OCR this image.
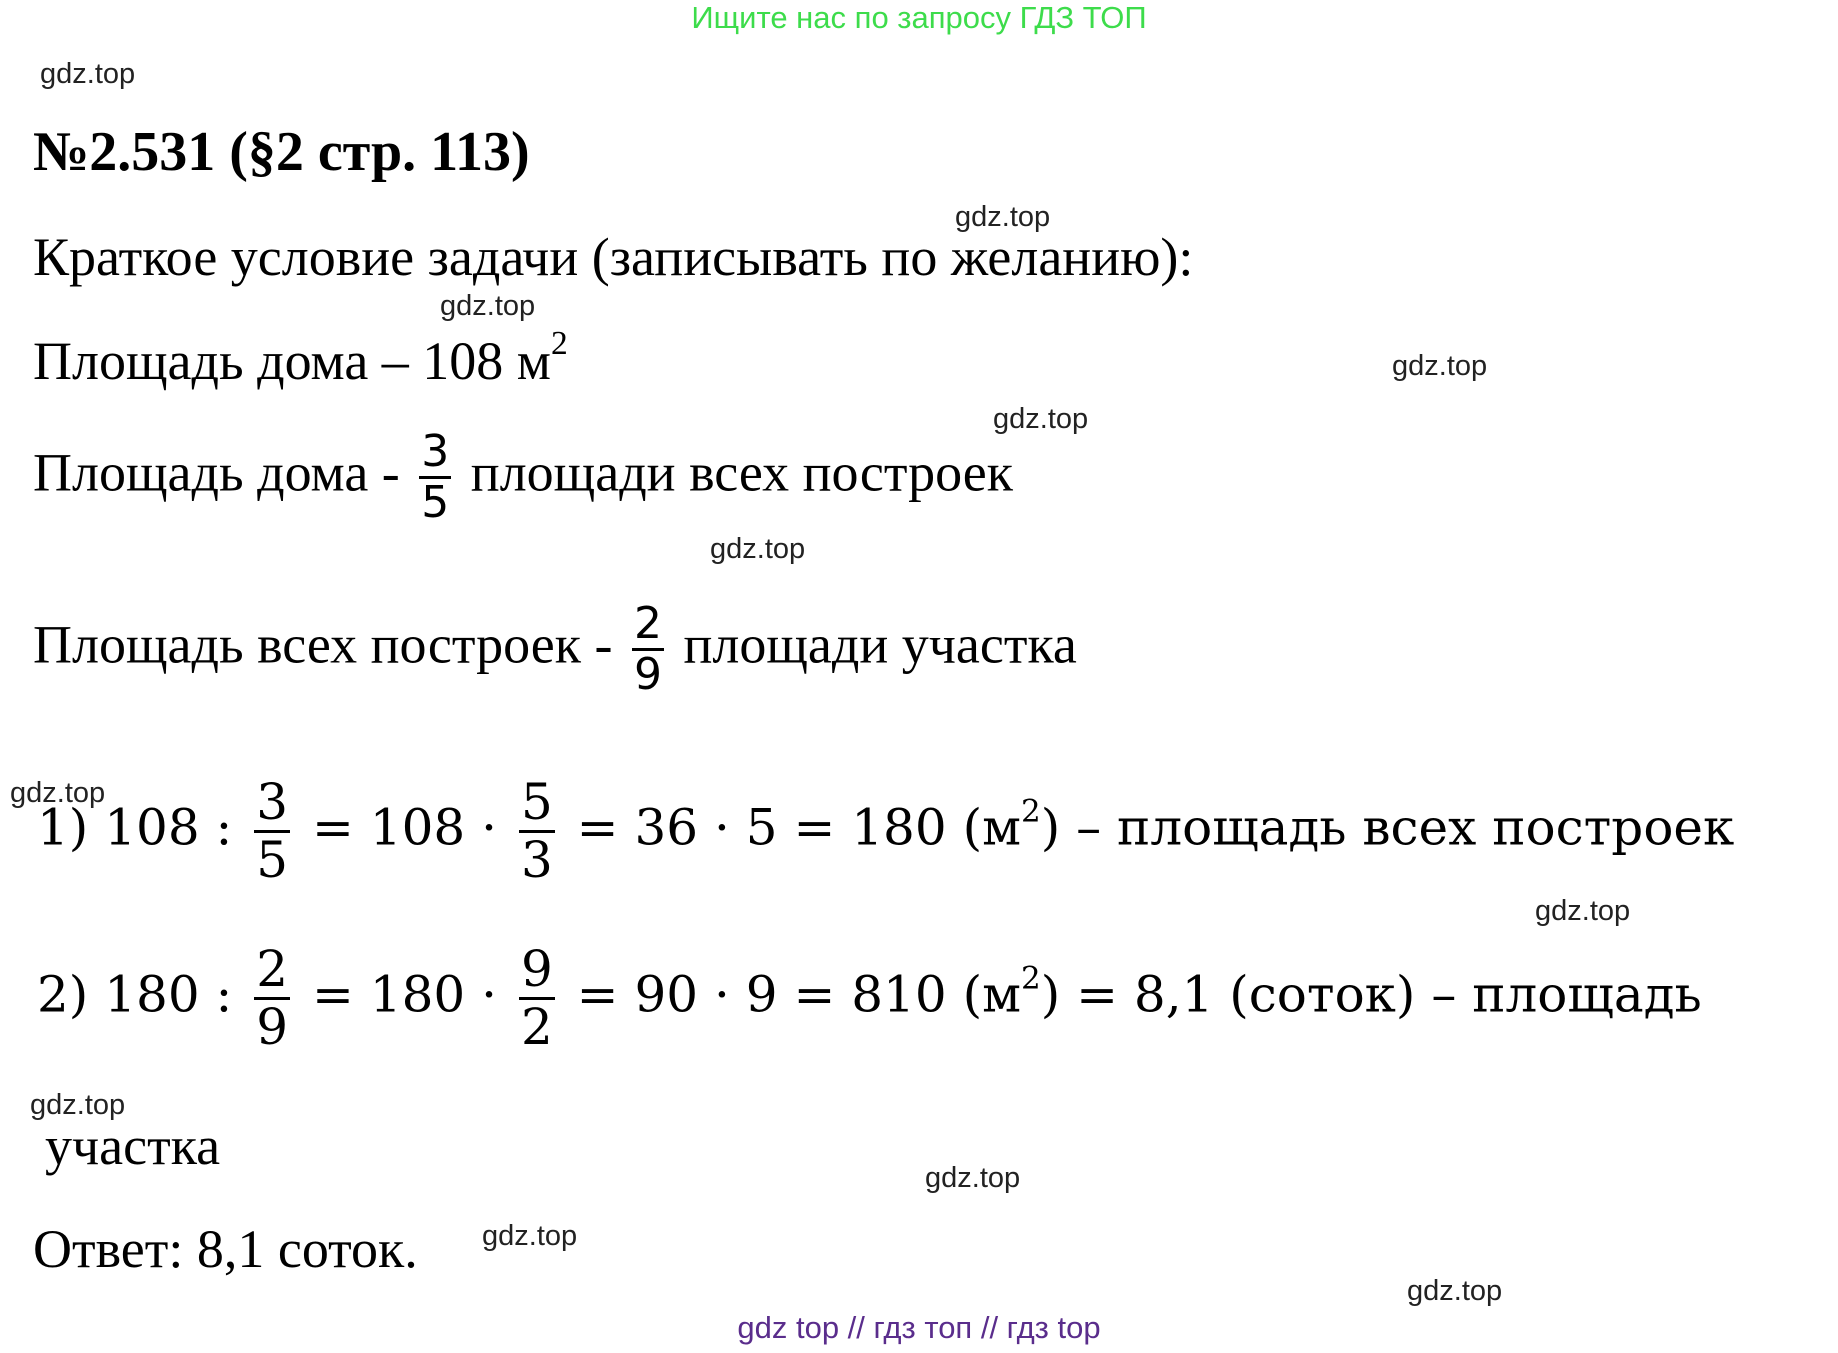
Ищите нас по запросу ГДЗ ТОП
gdz.top
№2.531 (§2 стр. 113)
gdz.top
Краткое условие задачи (записывать по желанию):
gdz.top
Площадь дома – 108 $м^2$
gdz.top
gdz.top
Площадь дома - $\frac{3}{5}$ площади всех построек
gdz.top
Площадь всех построек - $\frac{2}{9}$ площади участка
gdz.top
1) 108 : $\frac{3}{5} = 108 \cdot \frac{5}{3} = 36 \cdot 5 = 180$ $(м^2)$ – площадь всех построек
gdz.top
2) 180 : $\frac{2}{9} = 180 \cdot \frac{9}{2} = 90 \cdot 9 = 810$ $(м^2) = 8,1$ (соток) – площадь
gdz.top
участка
gdz.top
Ответ: 8,1 соток. gdz.top
gdz.top
gdz top // гдз топ // гдз top
